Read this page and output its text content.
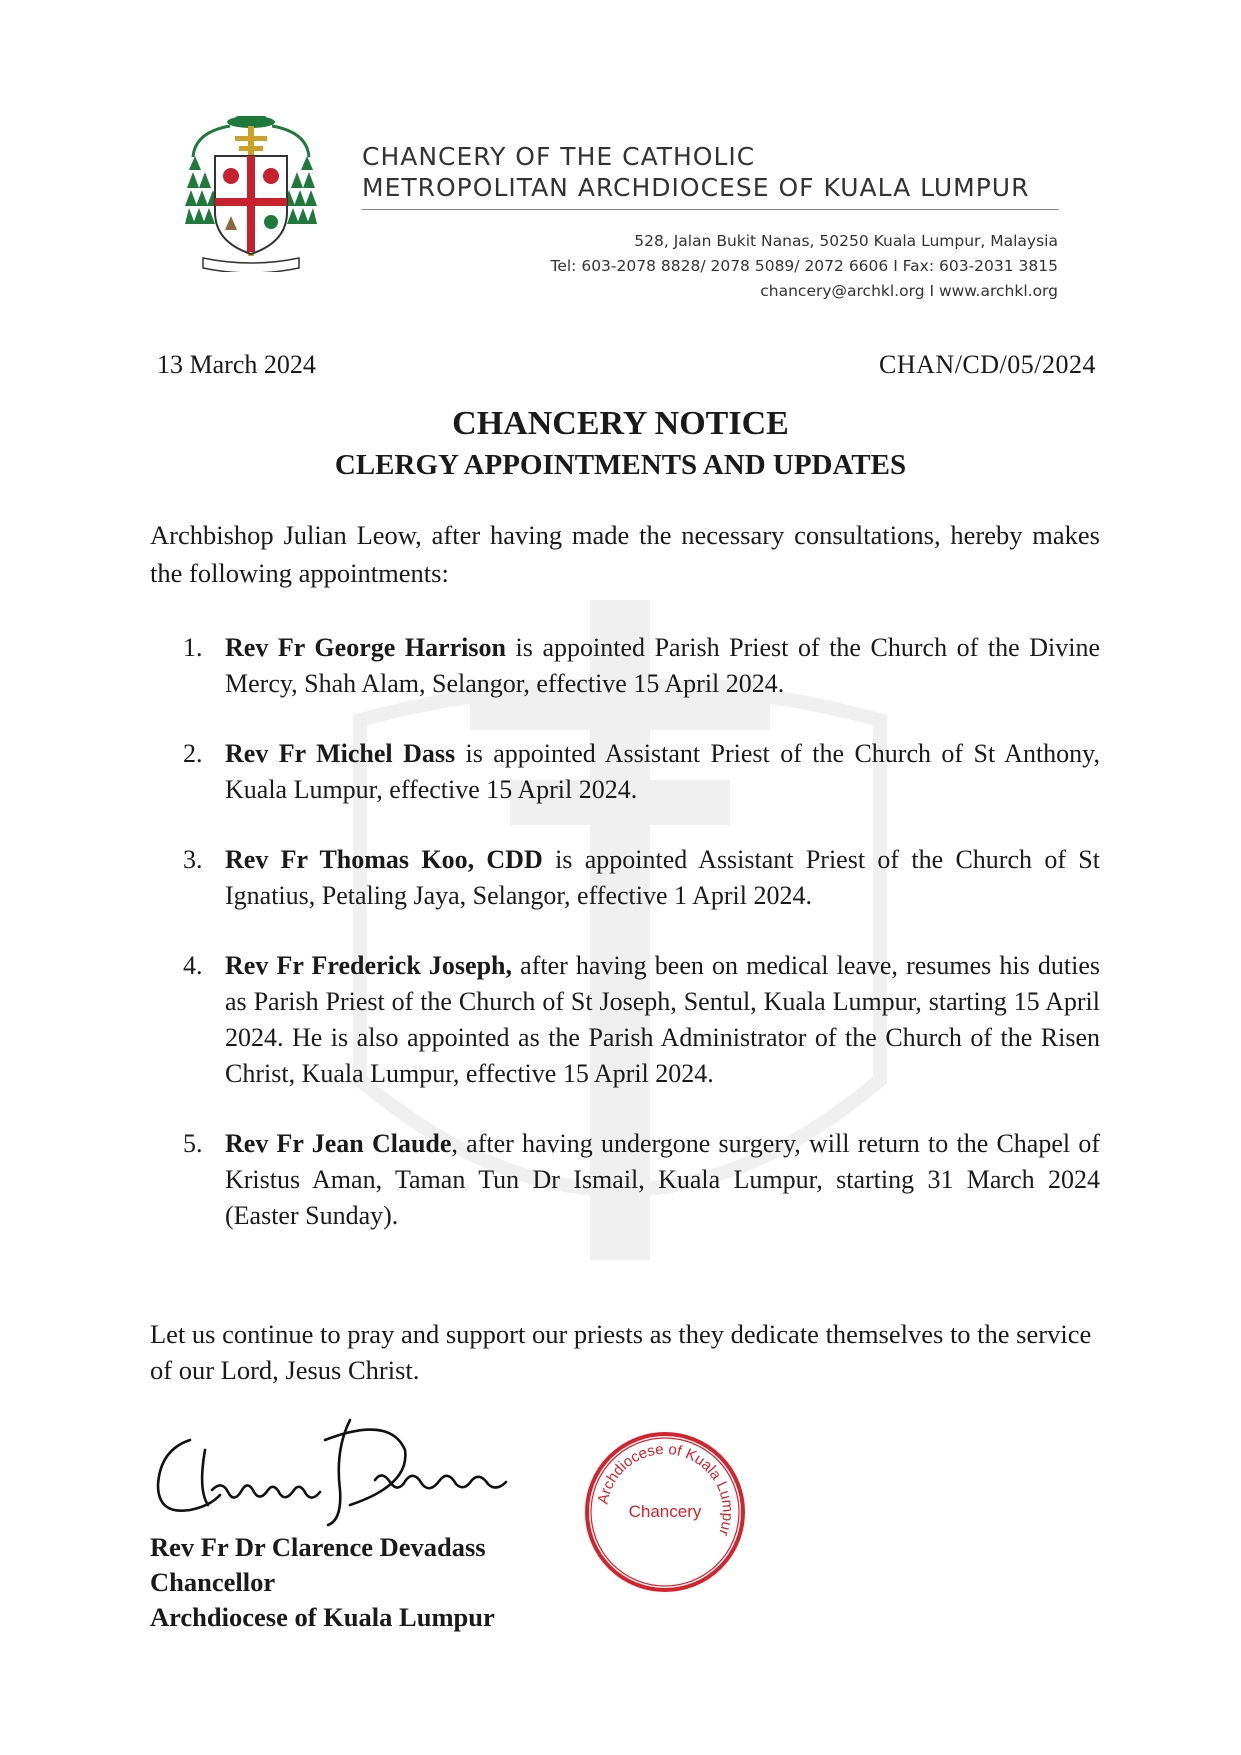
CHANCERY OF THE CATHOLIC
METROPOLITAN ARCHDIOCESE OF KUALA LUMPUR
528, Jalan Bukit Nanas, 50250 Kuala Lumpur, Malaysia
Tel: 603-2078 8828/ 2078 5089/ 2072 6606 I Fax: 603-2031 3815
chancery@archkl.org I www.archkl.org
13 March 2024	CHAN/CD/05/2024
CHANCERY NOTICE
CLERGY APPOINTMENTS AND UPDATES
Archbishop Julian Leow, after having made the necessary consultations, hereby makes the following appointments:
1. Rev Fr George Harrison is appointed Parish Priest of the Church of the Divine Mercy, Shah Alam, Selangor, effective 15 April 2024.
2. Rev Fr Michel Dass is appointed Assistant Priest of the Church of St Anthony, Kuala Lumpur, effective 15 April 2024.
3. Rev Fr Thomas Koo, CDD is appointed Assistant Priest of the Church of St Ignatius, Petaling Jaya, Selangor, effective 1 April 2024.
4. Rev Fr Frederick Joseph, after having been on medical leave, resumes his duties as Parish Priest of the Church of St Joseph, Sentul, Kuala Lumpur, starting 15 April 2024. He is also appointed as the Parish Administrator of the Church of the Risen Christ, Kuala Lumpur, effective 15 April 2024.
5. Rev Fr Jean Claude, after having undergone surgery, will return to the Chapel of Kristus Aman, Taman Tun Dr Ismail, Kuala Lumpur, starting 31 March 2024 (Easter Sunday).
Let us continue to pray and support our priests as they dedicate themselves to the service of our Lord, Jesus Christ.
Rev Fr Dr Clarence Devadass
Chancellor
Archdiocese of Kuala Lumpur
Archdiocese of Kuala Lumpur
Chancery
